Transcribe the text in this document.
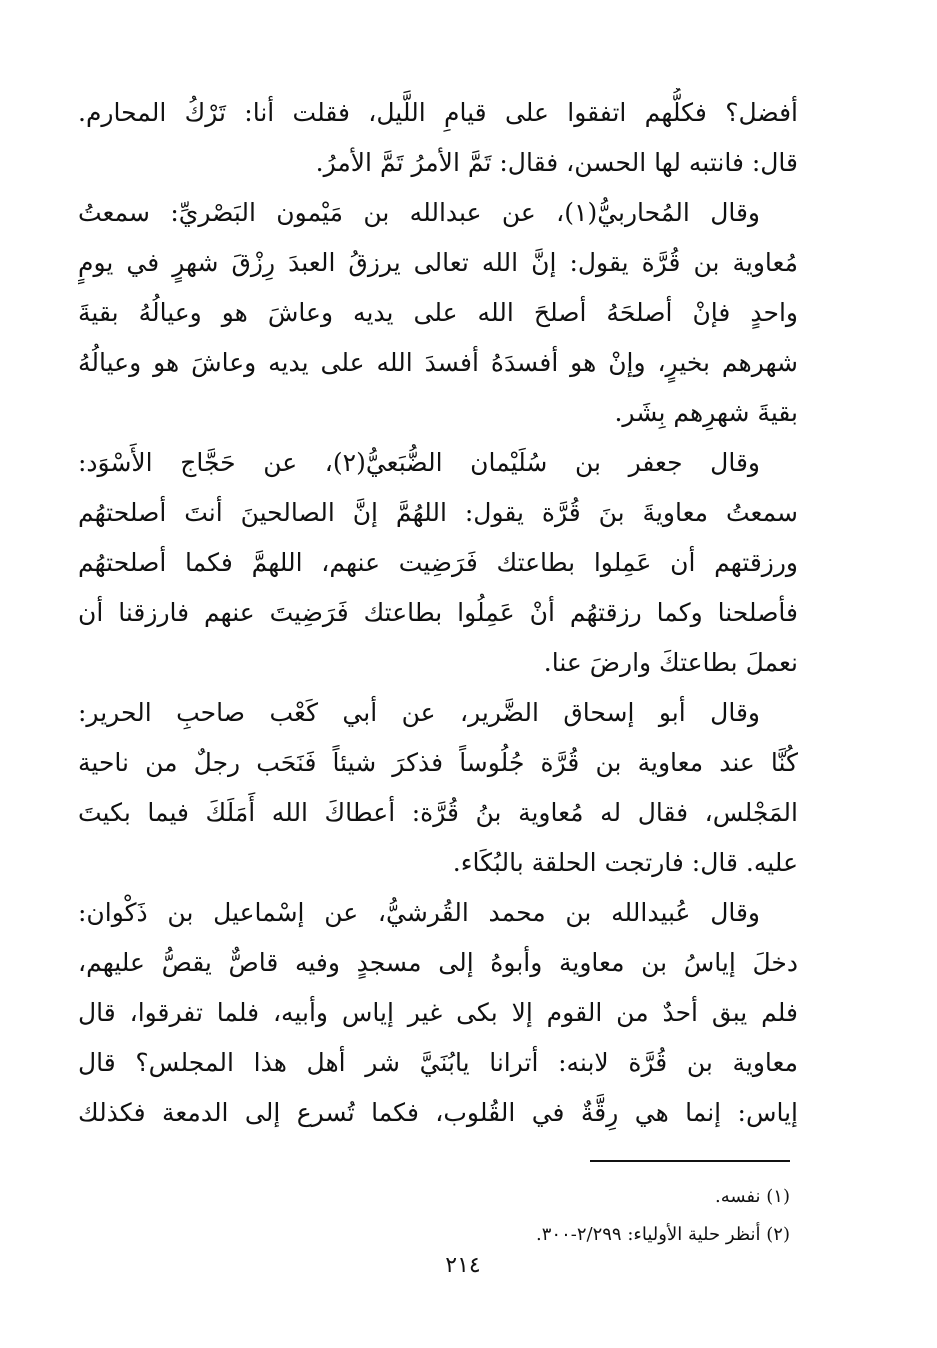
أفضل؟ فكلُّهم اتفقوا على قيامِ اللَّيل، فقلت أنا: تَرْكُ المحارم.
قال: فانتبه لها الحسن، فقال: تَمَّ الأمرُ تَمَّ الأمرُ.
وقال المُحاربيُّ(١)، عن عبدالله بن مَيْمون البَصْريِّ: سمعتُ
مُعاوية بن قُرَّة يقول: إنَّ الله تعالى يرزقُ العبدَ رِزْقَ شهرٍ في يومٍ
واحدٍ فإنْ أصلحَهُ أصلحَ الله على يديه وعاشَ هو وعيالُهُ بقيةَ
شهرهم بخيرٍ، وإنْ هو أفسدَهُ أفسدَ الله على يديه وعاشَ هو وعيالُهُ
بقيةَ شهرِهم بِشَر.
وقال جعفر بن سُلَيْمان الضُّبَعيُّ(٢)، عن حَجَّاج الأَسْوَد:
سمعتُ معاويةَ بنَ قُرَّة يقول: اللهُمَّ إنَّ الصالحينَ أنتَ أصلحتهُم
ورزقتهم أن عَمِلوا بطاعتك فَرَضِيت عنهم، اللهمَّ فكما أصلحتهُم
فأصلحنا وكما رزقتهُم أنْ عَمِلُوا بطاعتك فَرَضِيتَ عنهم فارزقنا أن
نعملَ بطاعتكَ وارضَ عنا.
وقال أبو إسحاق الضَّرير، عن أبي كَعْب صاحبِ الحرير:
كُنَّا عند معاوية بن قُرَّة جُلُوساً فذكرَ شيئاً فَنَحَب رجلٌ من ناحية
المَجْلس، فقال له مُعاوية بنُ قُرَّة: أعطاكَ الله أَمَلَكَ فيما بكيتَ
عليه. قال: فارتجت الحلقة بالبُكَاء.
وقال عُبيدالله بن محمد القُرشيُّ، عن إسْماعيل بن ذَكْوان:
دخلَ إياسُ بن معاوية وأبوهُ إلى مسجدٍ وفيه قاصٌّ يقصُّ عليهم،
فلم يبق أحدٌ من القوم إلا بكى غير إياس وأبيه، فلما تفرقوا، قال
معاوية بن قُرَّة لابنه: أترانا يابُنَيَّ شر أهل هذا المجلس؟ قال
إياس: إنما هي رِقَّةٌ في القُلوب، فكما تُسرع إلى الدمعة فكذلك
(١) نفسه.
(٢) أنظر حلية الأولياء: ٢/٢٩٩-٣٠٠.
٢١٤
